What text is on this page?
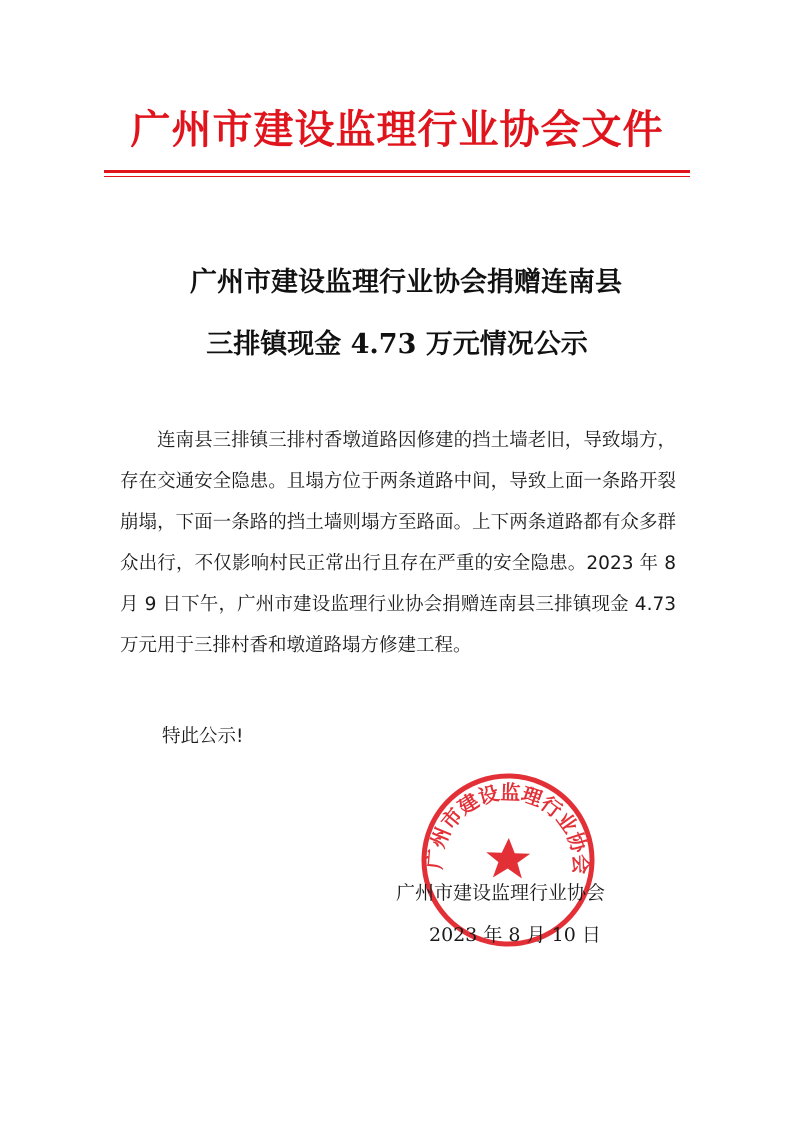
广州市建设监理行业协会文件
广州市建设监理行业协会捐赠连南县
三排镇现金 4.73 万元情况公示
连南县三排镇三排村香墩道路因修建的挡土墙老旧，导致塌方，存在交通安全隐患。且塌方位于两条道路中间，导致上面一条路开裂崩塌，下面一条路的挡土墙则塌方至路面。上下两条道路都有众多群众出行，不仅影响村民正常出行且存在严重的安全隐患。2023 年 8 月 9 日下午，广州市建设监理行业协会捐赠连南县三排镇现金 4.73 万元用于三排村香和墩道路塌方修建工程。
特此公示!
广州市建设监理行业协会
广州市建设监理行业协会
2023 年 8 月 10 日
